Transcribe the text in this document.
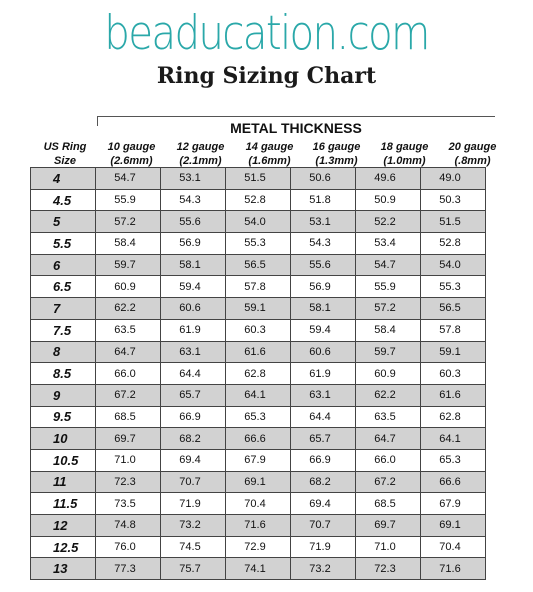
beaducation.com
Ring Sizing Chart
METAL THICKNESS
US Ring
Size
10 gauge
(2.6mm)
12 gauge
(2.1mm)
14 gauge
(1.6mm)
16 gauge
(1.3mm)
18 gauge
(1.0mm)
20 gauge
(.8mm)
4	54.7	53.1	51.5	50.6	49.6	49.0
4.5	55.9	54.3	52.8	51.8	50.9	50.3
5	57.2	55.6	54.0	53.1	52.2	51.5
5.5	58.4	56.9	55.3	54.3	53.4	52.8
6	59.7	58.1	56.5	55.6	54.7	54.0
6.5	60.9	59.4	57.8	56.9	55.9	55.3
7	62.2	60.6	59.1	58.1	57.2	56.5
7.5	63.5	61.9	60.3	59.4	58.4	57.8
8	64.7	63.1	61.6	60.6	59.7	59.1
8.5	66.0	64.4	62.8	61.9	60.9	60.3
9	67.2	65.7	64.1	63.1	62.2	61.6
9.5	68.5	66.9	65.3	64.4	63.5	62.8
10	69.7	68.2	66.6	65.7	64.7	64.1
10.5	71.0	69.4	67.9	66.9	66.0	65.3
11	72.3	70.7	69.1	68.2	67.2	66.6
11.5	73.5	71.9	70.4	69.4	68.5	67.9
12	74.8	73.2	71.6	70.7	69.7	69.1
12.5	76.0	74.5	72.9	71.9	71.0	70.4
13	77.3	75.7	74.1	73.2	72.3	71.6
